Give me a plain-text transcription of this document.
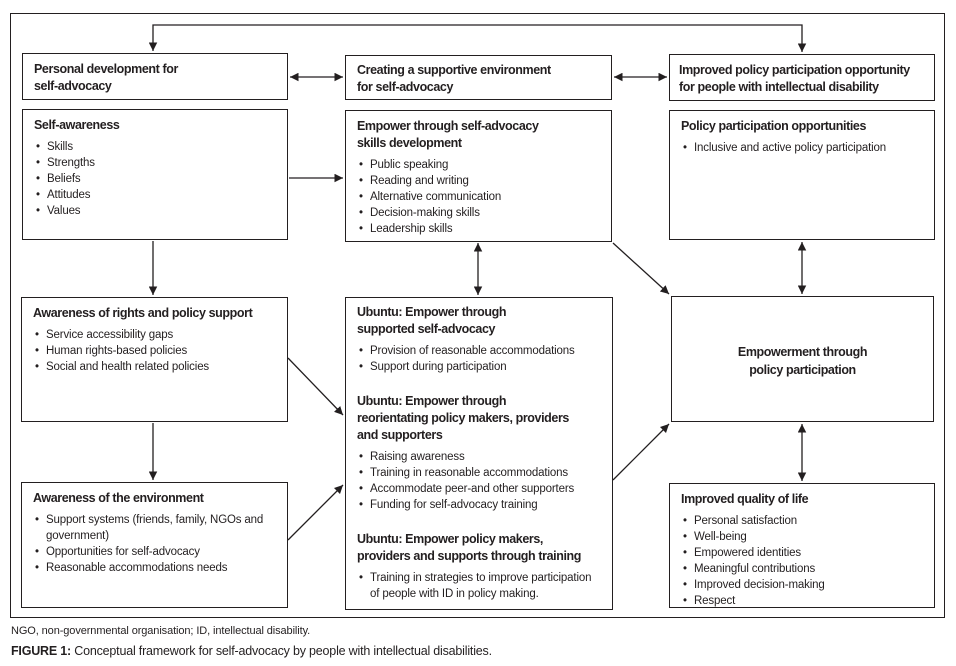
Personal development for
self-advocacy
Self-awareness
• Skills
• Strengths
• Beliefs
• Attitudes
• Values
Awareness of rights and policy support
• Service accessibility gaps
• Human rights-based policies
• Social and health related policies
Awareness of the environment
• Support systems (friends, family, NGOs and government)
• Opportunities for self-advocacy
• Reasonable accommodations needs
Creating a supportive environment
for self-advocacy
Empower through self-advocacy
skills development
• Public speaking
• Reading and writing
• Alternative communication
• Decision-making skills
• Leadership skills
Ubuntu: Empower through
supported self-advocacy
• Provision of reasonable accommodations
• Support during participation
Ubuntu: Empower through
reorientating policy makers, providers
and supporters
• Raising awareness
• Training in reasonable accommodations
• Accommodate peer-and other supporters
• Funding for self-advocacy training
Ubuntu: Empower policy makers,
providers and supports through training
• Training in strategies to improve participation of people with ID in policy making.
Improved policy participation opportunity
for people with intellectual disability
Policy participation opportunities
• Inclusive and active policy participation
Empowerment through
policy participation
Improved quality of life
• Personal satisfaction
• Well-being
• Empowered identities
• Meaningful contributions
• Improved decision-making
• Respect
NGO, non-governmental organisation; ID, intellectual disability.
FIGURE 1: Conceptual framework for self-advocacy by people with intellectual disabilities.
